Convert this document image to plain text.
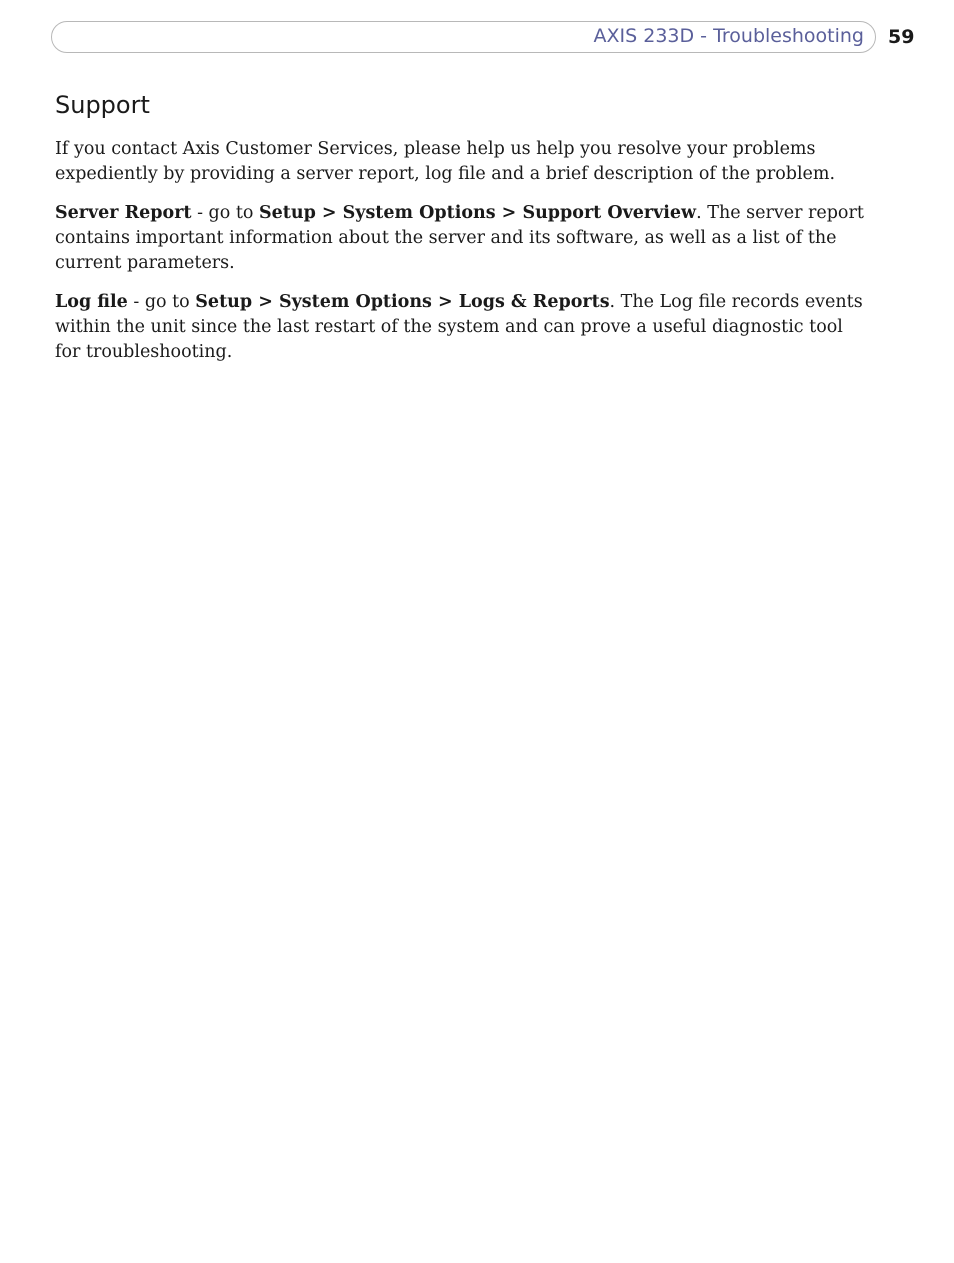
AXIS 233D - Troubleshooting 59
Support

If you contact Axis Customer Services, please help us help you resolve your problems expediently by providing a server report, log file and a brief description of the problem.

Server Report - go to Setup > System Options > Support Overview. The server report contains important information about the server and its software, as well as a list of the current parameters.

Log file - go to Setup > System Options > Logs & Reports. The Log file records events within the unit since the last restart of the system and can prove a useful diagnostic tool for troubleshooting.
